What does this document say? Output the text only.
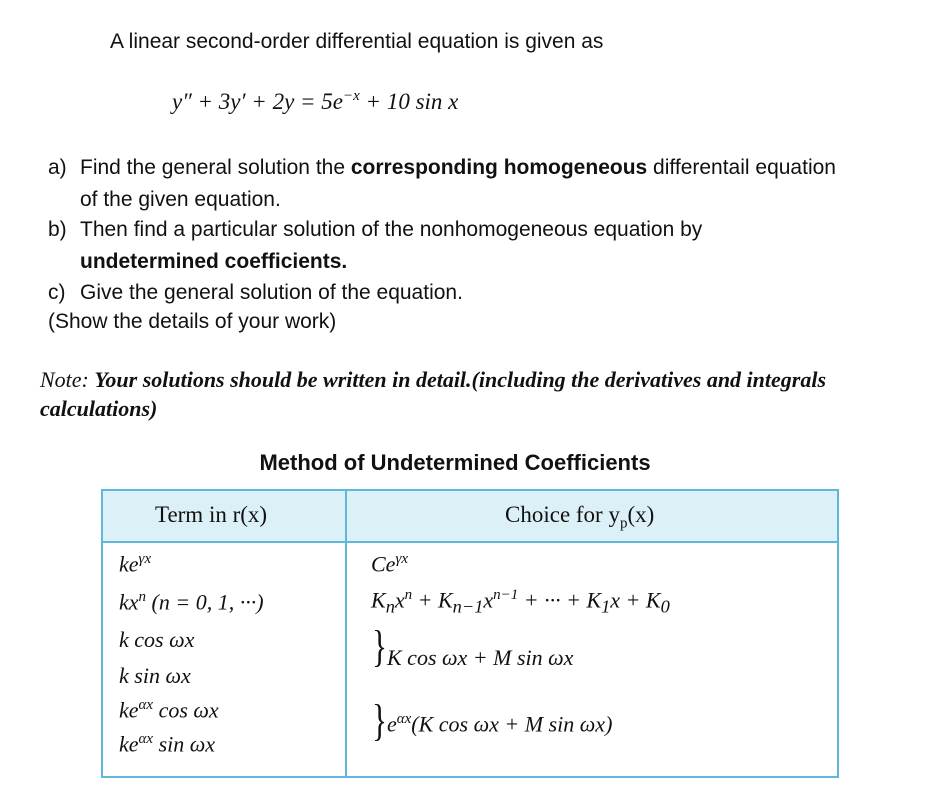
A linear second-order differential equation is given as
$y'' + 3y' + 2y = 5e^{-x} + 10$ sin x
a) Find the general solution the corresponding homogeneous differentail equation
of the given equation.
b) Then find a particular solution of the nonhomogeneous equation by
undetermined coefficients.
c) Give the general solution of the equation.
(Show the details of your work)
Note: Your solutions should be written in detail.(including the derivatives and integrals calculations)
Method of Undetermined Coefficients
Term in r(x)	Choice for $y_p(x)$
$ke^{\gamma x}$
$kx^n$ (n = 0, 1, ···)
k cos ωx
k sin ωx
$ke^{\alpha x}$ cos ωx
$ke^{\alpha x}$ sin ωx
$Ce^{\gamma x}$
$K_nx^n + K_{n-1}x^{n-1}$ + ··· + $K_1x + K_0$
} K cos ωx + M sin ωx
} $e^{\alpha x}(K$ cos ωx + M sin ωx)
